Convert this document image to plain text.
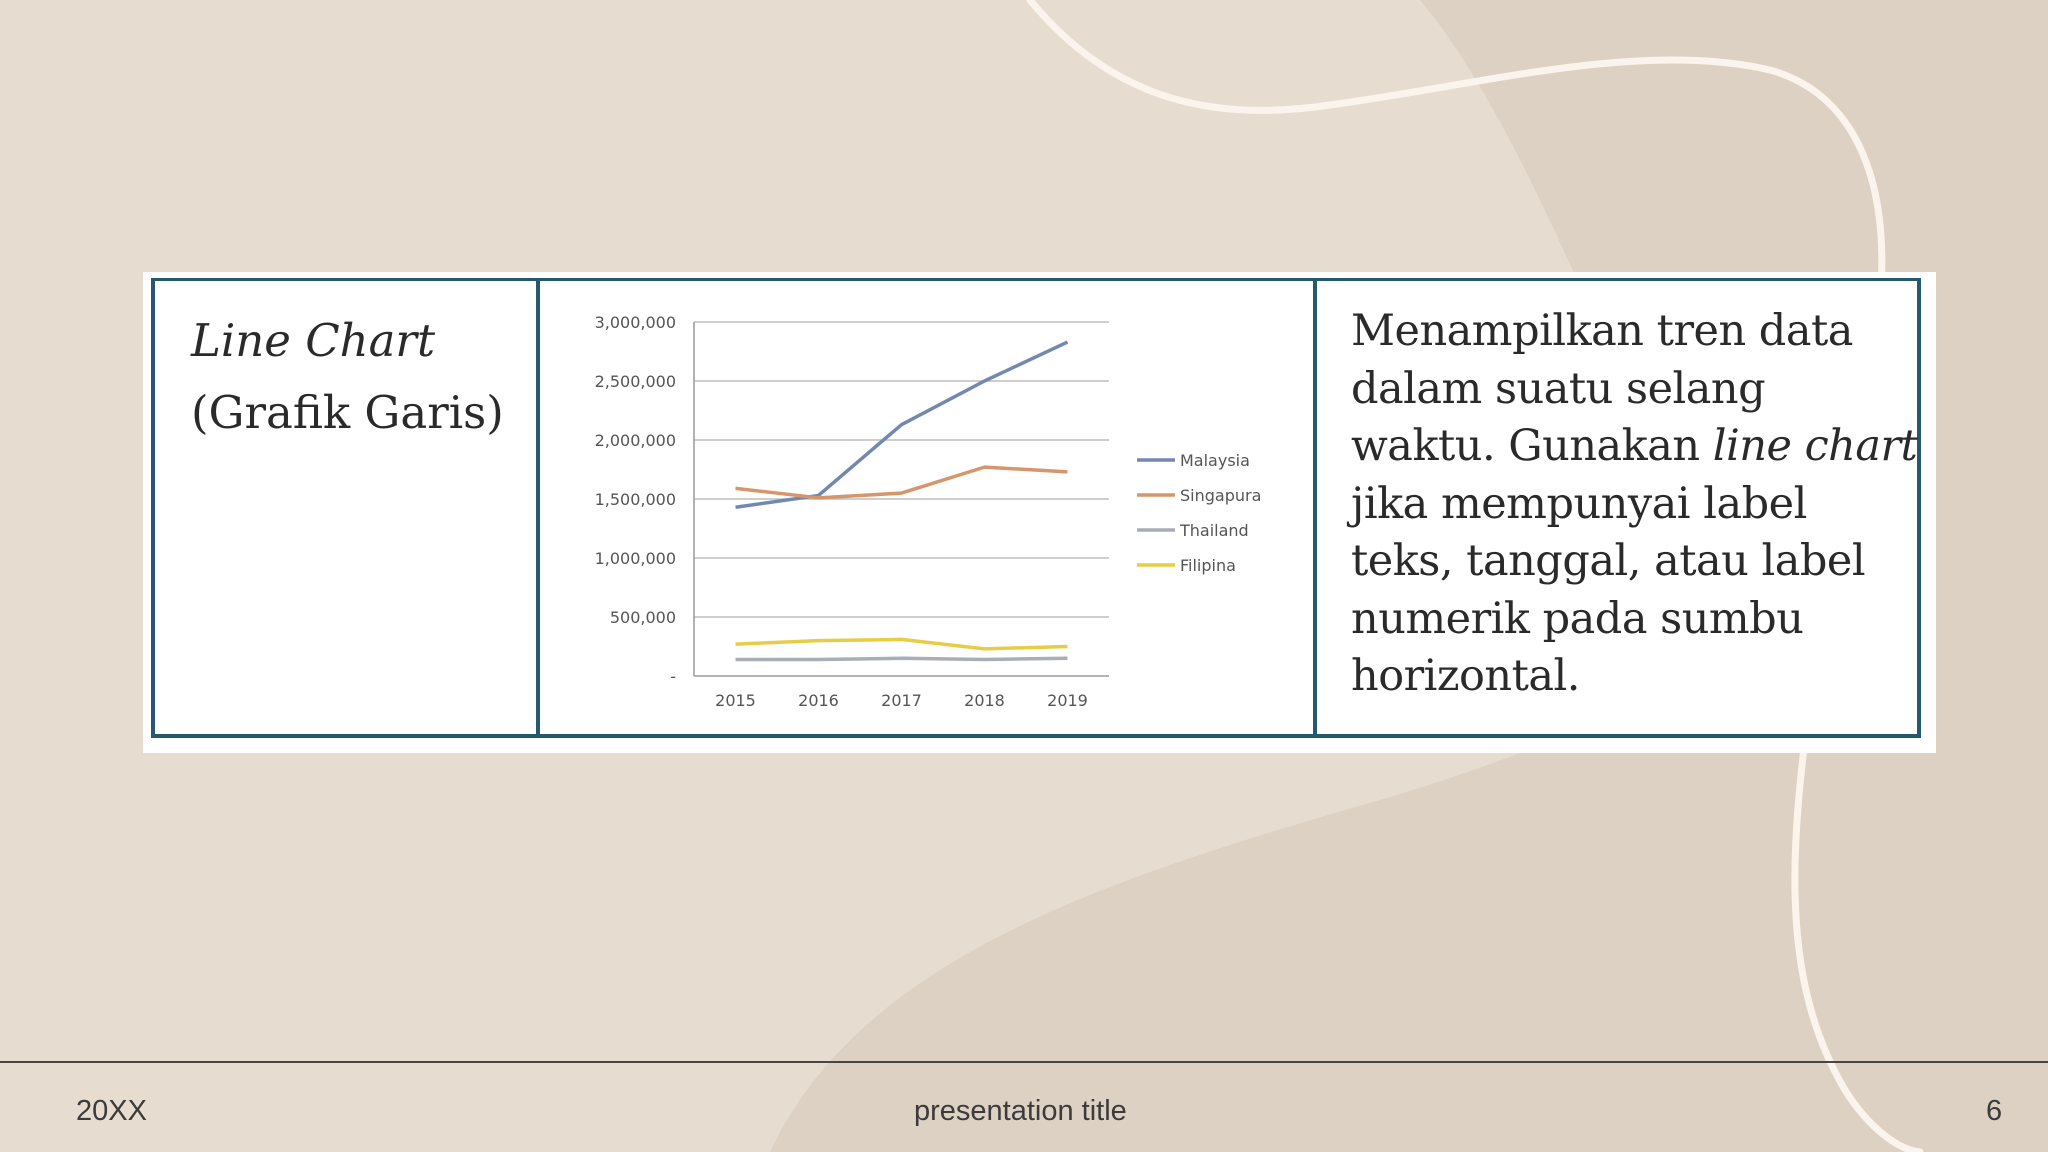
Line Chart
(Grafik Garis)
Menampilkan tren data dalam suatu selang waktu. Gunakan line chart jika mempunyai label teks, tanggal, atau label numerik pada sumbu horizontal.
3,000,000
2,500,000
2,000,000
1,500,000
1,000,000
500,000
-
2015	2016	2017	2018	2019
Malaysia
Singapura
Thailand
Filipina
20XX	presentation title	6
